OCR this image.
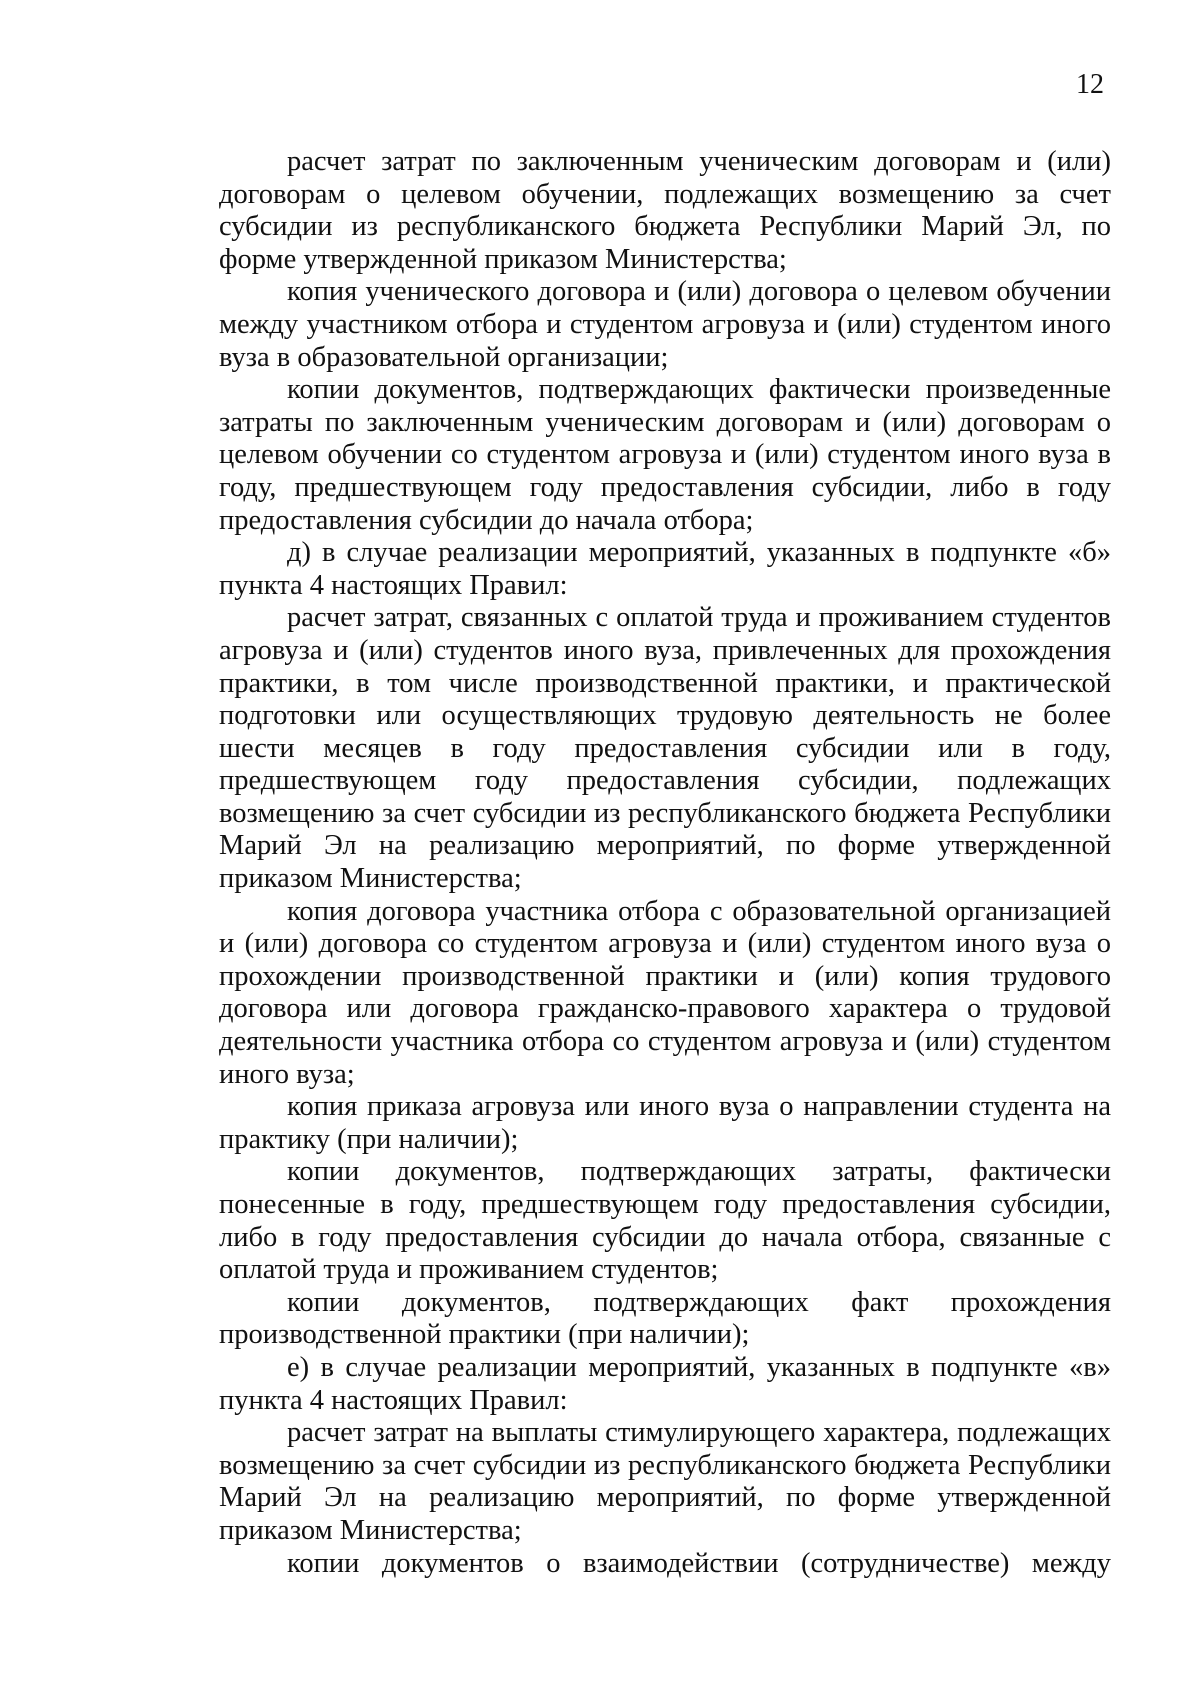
12

расчет затрат по заключенным ученическим договорам и (или) договорам о целевом обучении, подлежащих возмещению за счет субсидии из республиканского бюджета Республики Марий Эл, по форме утвержденной приказом Министерства;

копия ученического договора и (или) договора о целевом обучении между участником отбора и студентом агровуза и (или) студентом иного вуза в образовательной организации;

копии документов, подтверждающих фактически произведенные затраты по заключенным ученическим договорам и (или) договорам о целевом обучении со студентом агровуза и (или) студентом иного вуза в году, предшествующем году предоставления субсидии, либо в году предоставления субсидии до начала отбора;

д) в случае реализации мероприятий, указанных в подпункте «б» пункта 4 настоящих Правил:

расчет затрат, связанных с оплатой труда и проживанием студентов агровуза и (или) студентов иного вуза, привлеченных для прохождения практики, в том числе производственной практики, и практической подготовки или осуществляющих трудовую деятельность не более шести месяцев в году предоставления субсидии или в году, предшествующем году предоставления субсидии, подлежащих возмещению за счет субсидии из республиканского бюджета Республики Марий Эл на реализацию мероприятий, по форме утвержденной приказом Министерства;

копия договора участника отбора с образовательной организацией и (или) договора со студентом агровуза и (или) студентом иного вуза о прохождении производственной практики и (или) копия трудового договора или договора гражданско-правового характера о трудовой деятельности участника отбора со студентом агровуза и (или) студентом иного вуза;

копия приказа агровуза или иного вуза о направлении студента на практику (при наличии);

копии документов, подтверждающих затраты, фактически понесенные в году, предшествующем году предоставления субсидии, либо в году предоставления субсидии до начала отбора, связанные с оплатой труда и проживанием студентов;

копии документов, подтверждающих факт прохождения производственной практики (при наличии);

е) в случае реализации мероприятий, указанных в подпункте «в» пункта 4 настоящих Правил:

расчет затрат на выплаты стимулирующего характера, подлежащих возмещению за счет субсидии из республиканского бюджета Республики Марий Эл на реализацию мероприятий, по форме утвержденной приказом Министерства;

копии документов о взаимодействии (сотрудничестве) между
